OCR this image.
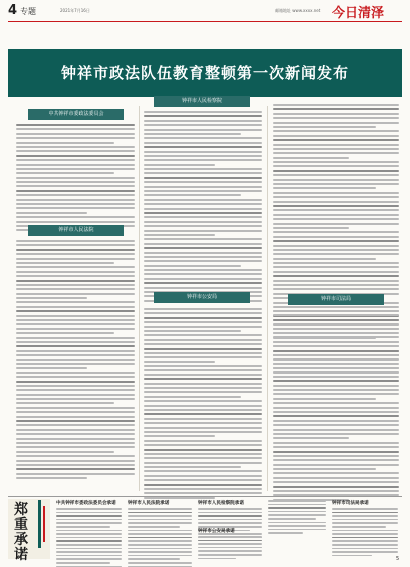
4 专题	2021年7月16日	邮箱地址 www.xxxx.net 今日清泽
钟祥市政法队伍教育整顿第一次新闻发布
中共钟祥市委政法委员会
钟祥市人民法院
钟祥市人民检察院
钟祥市公安局	钟祥市司法局
郑重承诺
中共钟祥市委政法委员会承诺	钟祥市人民法院承诺	钟祥市人民检察院承诺
钟祥市公安局承诺
钟祥市司法局承诺
5
